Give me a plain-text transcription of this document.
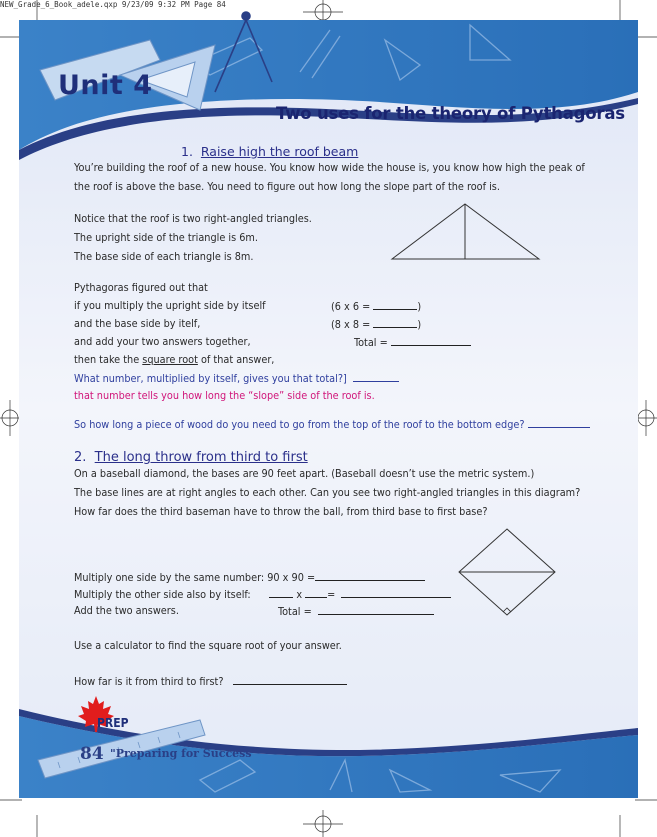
NEW_Grade_6_Book_adele.qxp 9/23/09 9:32 PM Page 84
Unit 4
Two uses for the theory of Pythagoras
1. Raise high the roof beam
You’re building the roof of a new house. You know how wide the house is, you know how high the peak of
the roof is above the base. You need to figure out how long the slope part of the roof is.
Notice that the roof is two right-angled triangles.
The upright side of the triangle is 6m.
The base side of each triangle is 8m.
Pythagoras figured out that
if you multiply the upright side by itself
and the base side by itelf,
and add your two answers together,
then take the square root of that answer,
(6 x 6 =	)
(8 x 8 =	)
Total =
What number, multiplied by itself, gives you that total?]
that number tells you how long the “slope” side of the roof is.
So how long a piece of wood do you need to go from the top of the roof to the bottom edge?
2. The long throw from third to first
On a baseball diamond, the bases are 90 feet apart. (Baseball doesn’t use the metric system.)
The base lines are at right angles to each other. Can you see two right-angled triangles in this diagram?
How far does the third baseman have to throw the ball, from third base to first base?
Multiply one side by the same number: 90 x 90 =
Multiply the other side also by itself:	x =
Add the two answers.	Total =
Use a calculator to find the square root of your answer.
How far is it from third to first?
PREP
84 "Preparing for Success"
